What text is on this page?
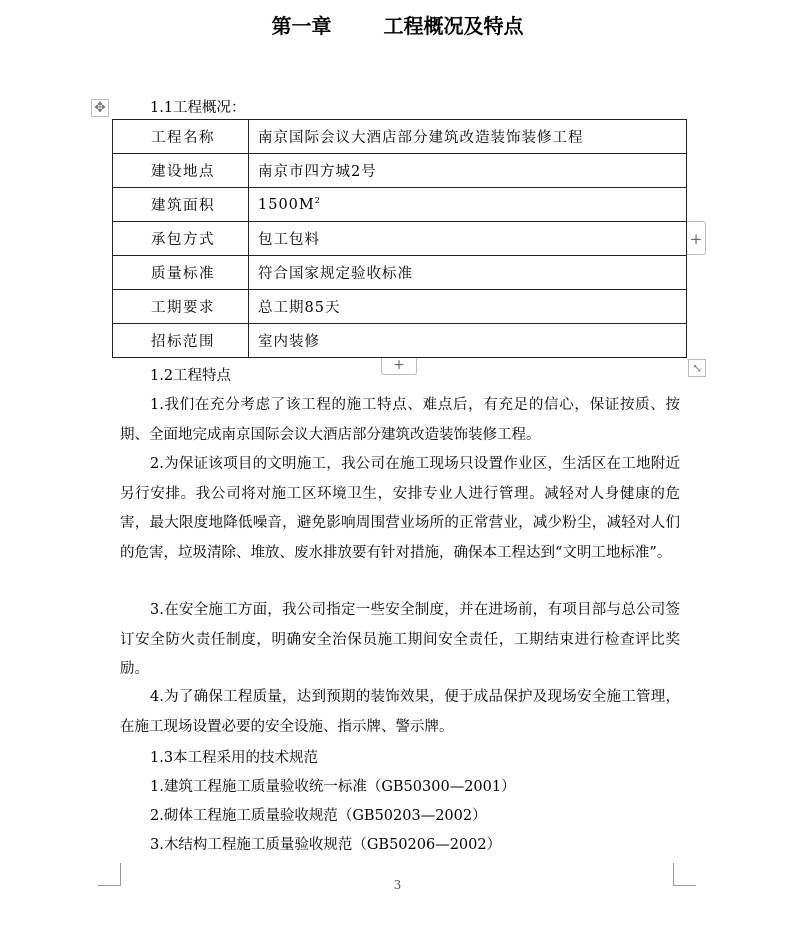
第一章	工程概况及特点
✥	1.1工程概况：
工程名称	南京国际会议大酒店部分建筑改造装饰装修工程
建设地点	南京市四方城2号
建筑面积	$1500M^2$
承包方式	包工包料
质量标准	符合国家规定验收标准
工期要求	总工期85天
招标范围	室内装修
+
+	⤡
1.2工程特点
1.我们在充分考虑了该工程的施工特点、难点后，有充足的信心，保证按质、按期、全面地完成南京国际会议大酒店部分建筑改造装饰装修工程。
2.为保证该项目的文明施工，我公司在施工现场只设置作业区，生活区在工地附近另行安排。我公司将对施工区环境卫生，安排专业人进行管理。减轻对人身健康的危害，最大限度地降低噪音，避免影响周围营业场所的正常营业，减少粉尘，减轻对人们的危害，垃圾清除、堆放、废水排放要有针对措施，确保本工程达到“文明工地标准”。
3.在安全施工方面，我公司指定一些安全制度，并在进场前，有项目部与总公司签订安全防火责任制度，明确安全治保员施工期间安全责任，工期结束进行检查评比奖励。
4.为了确保工程质量，达到预期的装饰效果，便于成品保护及现场安全施工管理，在施工现场设置必要的安全设施、指示牌、警示牌。
1.3本工程采用的技术规范
1.建筑工程施工质量验收统一标准（GB50300—2001）
2.砌体工程施工质量验收规范（GB50203—2002）
3.木结构工程施工质量验收规范（GB50206—2002）
3
